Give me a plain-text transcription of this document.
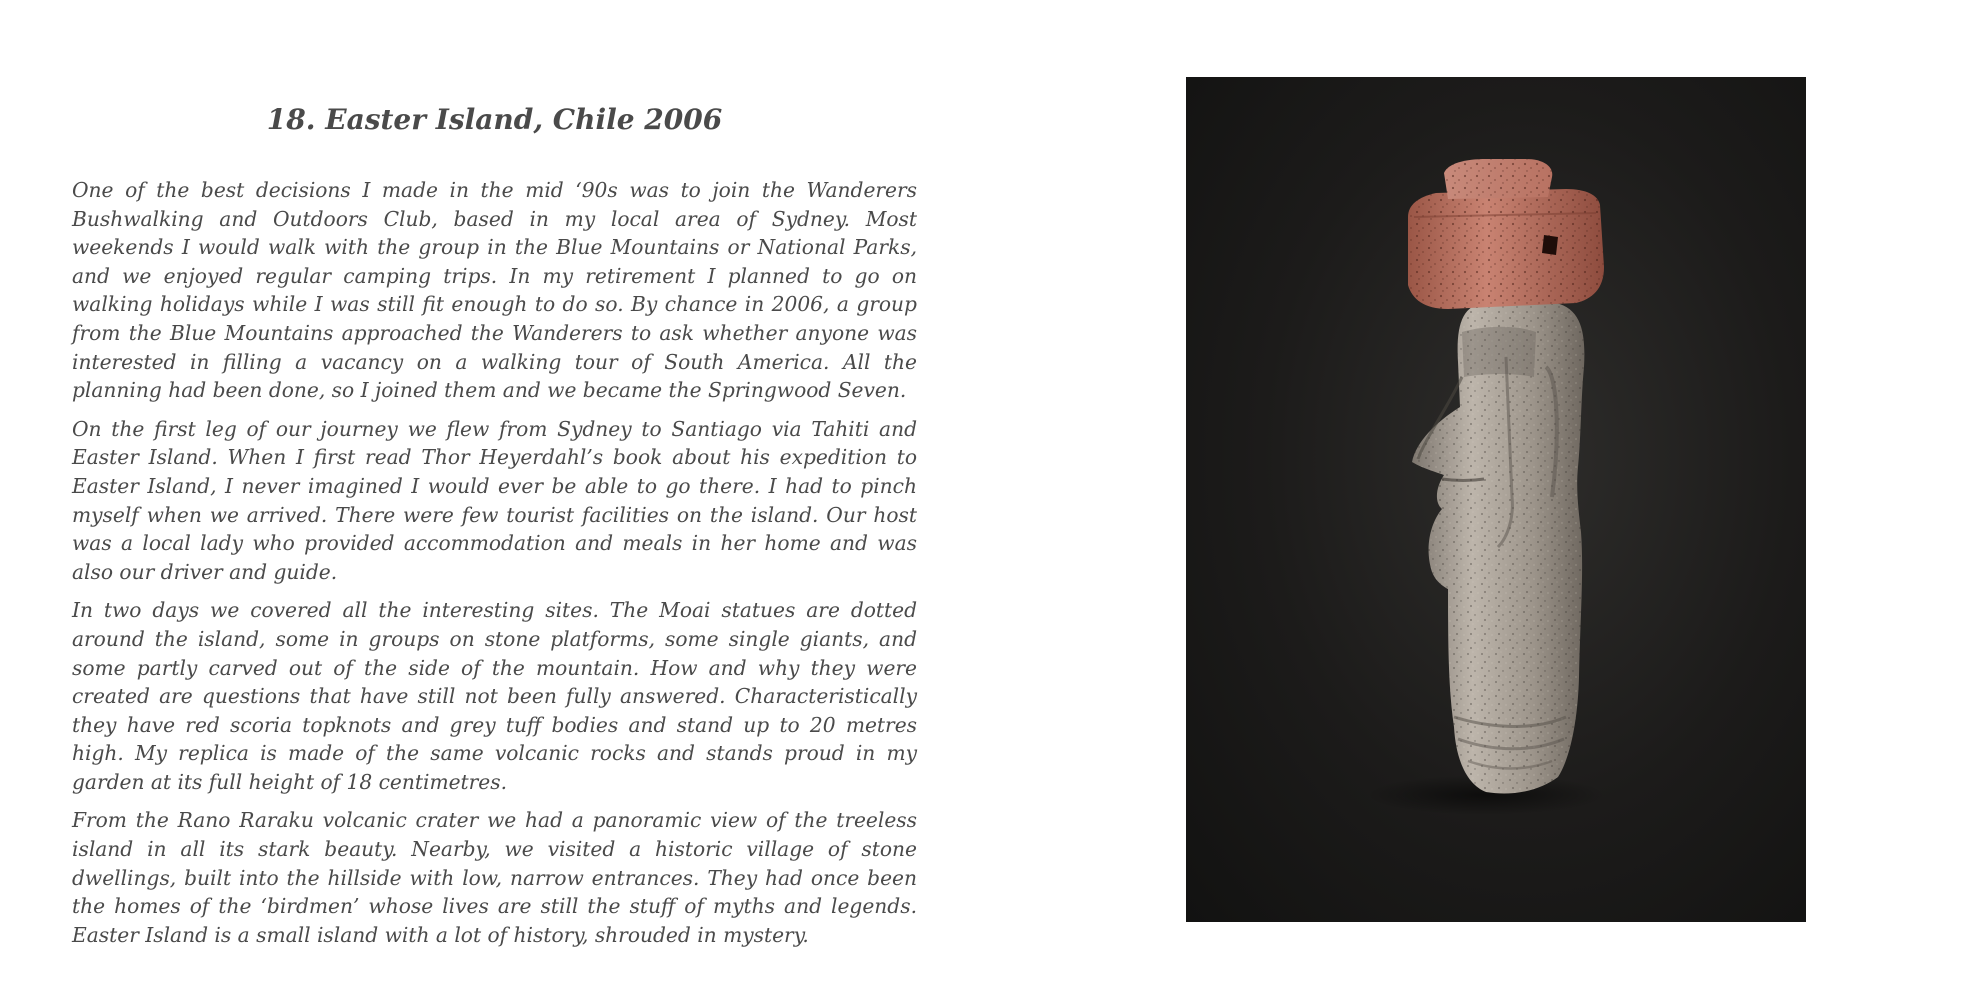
18. Easter Island, Chile 2006

One of the best decisions I made in the mid ‘90s was to join the Wanderers Bushwalking and Outdoors Club, based in my local area of Sydney. Most weekends I would walk with the group in the Blue Mountains or National Parks, and we enjoyed regular camping trips. In my retirement I planned to go on walking holidays while I was still fit enough to do so. By chance in 2006, a group from the Blue Mountains approached the Wanderers to ask whether anyone was interested in filling a vacancy on a walking tour of South America. All the planning had been done, so I joined them and we became the Springwood Seven.

On the first leg of our journey we flew from Sydney to Santiago via Tahiti and Easter Island. When I first read Thor Heyerdahl’s book about his expedition to Easter Island, I never imagined I would ever be able to go there. I had to pinch myself when we arrived. There were few tourist facilities on the island. Our host was a local lady who provided accommodation and meals in her home and was also our driver and guide.

In two days we covered all the interesting sites. The Moai statues are dotted around the island, some in groups on stone platforms, some single giants, and some partly carved out of the side of the mountain. How and why they were created are questions that have still not been fully answered. Characteristically they have red scoria topknots and grey tuff bodies and stand up to 20 metres high. My replica is made of the same volcanic rocks and stands proud in my garden at its full height of 18 centimetres.

From the Rano Raraku volcanic crater we had a panoramic view of the treeless island in all its stark beauty. Nearby, we visited a historic village of stone dwellings, built into the hillside with low, narrow entrances. They had once been the homes of the ‘birdmen’ whose lives are still the stuff of myths and legends. Easter Island is a small island with a lot of history, shrouded in mystery.
